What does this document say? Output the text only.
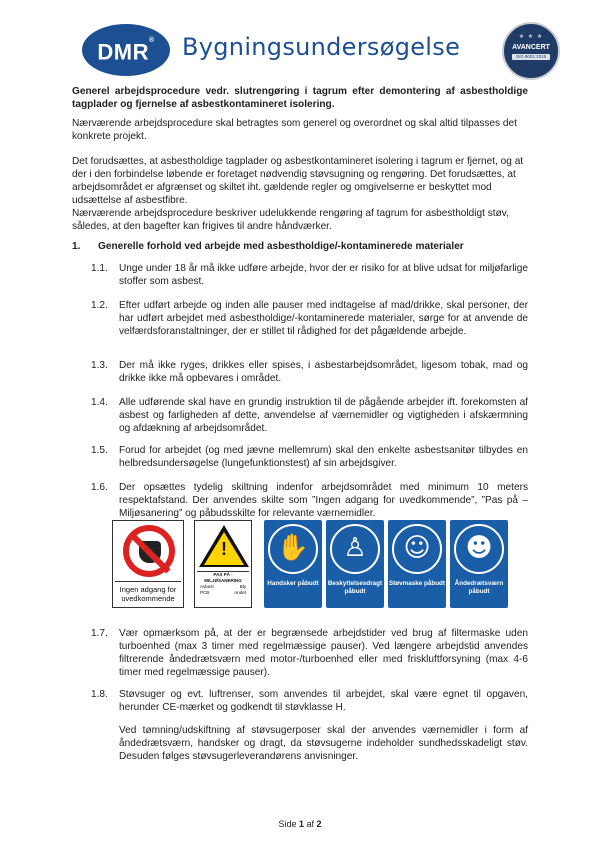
DMR®	Bygningsundersøgelse	★ ★ ★
AVANCERT
ISO 9001:2015
Generel arbejdsprocedure vedr. slutrengøring i tagrum efter demontering af asbestholdige tagplader og fjernelse af asbestkontamineret isolering.
Nærværende arbejdsprocedure skal betragtes som generel og overordnet og skal altid tilpasses det konkrete projekt.
Det forudsættes, at asbestholdige tagplader og asbestkontamineret isolering i tagrum er fjernet, og at der i den forbindelse løbende er foretaget nødvendig støvsugning og rengøring. Det forudsættes, at arbejdsområdet er afgrænset og skiltet iht. gældende regler og omgivelserne er beskyttet mod udsættelse af asbestfibre.
Nærværende arbejdsprocedure beskriver udelukkende rengøring af tagrum for asbestholdigt støv, således, at den bagefter kan frigives til andre håndværker.
1. Generelle forhold ved arbejde med asbestholdige/-kontaminerede materialer
1.1. Unge under 18 år må ikke udføre arbejde, hvor der er risiko for at blive udsat for miljøfarlige stoffer som asbest.
1.2. Efter udført arbejde og inden alle pauser med indtagelse af mad/drikke, skal personer, der har udført arbejdet med asbestholdige/-kontaminerede materialer, sørge for at anvende de velfærdsforanstaltninger, der er stillet til rådighed for det pågældende arbejde.
1.3. Der må ikke ryges, drikkes eller spises, i asbestarbejdsområdet, ligesom tobak, mad og drikke ikke må opbevares i området.
1.4. Alle udførende skal have en grundig instruktion til de pågående arbejder ift. forekomsten af asbest og farligheden af dette, anvendelse af værnemidler og vigtigheden i afskærmning og afdækning af arbejdsområdet.
1.5. Forud for arbejdet (og med jævne mellemrum) skal den enkelte asbestsanitør tilbydes en helbredsundersøgelse (lungefunktionstest) af sin arbejdsgiver.
1.6. Der opsættes tydelig skiltning indenfor arbejdsområdet med minimum 10 meters respektafstand. Der anvendes skilte som ”Ingen adgang for uvedkommende”, ”Pas på – Miljøsanering” og påbudsskilte for relevante værnemidler.
Ingen adgang for uvedkommende
!
PAS PÅ - MILJØSANERING
Asbest	Bly
PCB	Andet
✋
Handsker påbudt
♙
Beskyttelsesdragt påbudt
☺
Støvmaske påbudt
☻
Åndedrætsværn påbudt
1.7. Vær opmærksom på, at der er begrænsede arbejdstider ved brug af filtermaske uden turboenhed (max 3 timer med regelmæssige pauser). Ved længere arbejdstid anvendes filtrerende åndedrætsværn med motor-/turboenhed eller med friskluftforsyning (max 4-6 timer med regelmæssige pauser).
1.8. Støvsuger og evt. luftrenser, som anvendes til arbejdet, skal være egnet til opgaven, herunder CE-mærket og godkendt til støvklasse H.
Ved tømning/udskiftning af støvsugerposer skal der anvendes værnemidler i form af åndedrætsværn, handsker og dragt, da støvsugerne indeholder sundhedsskadeligt støv. Desuden følges støvsugerleverandørens anvisninger.
Side 1 af 2
